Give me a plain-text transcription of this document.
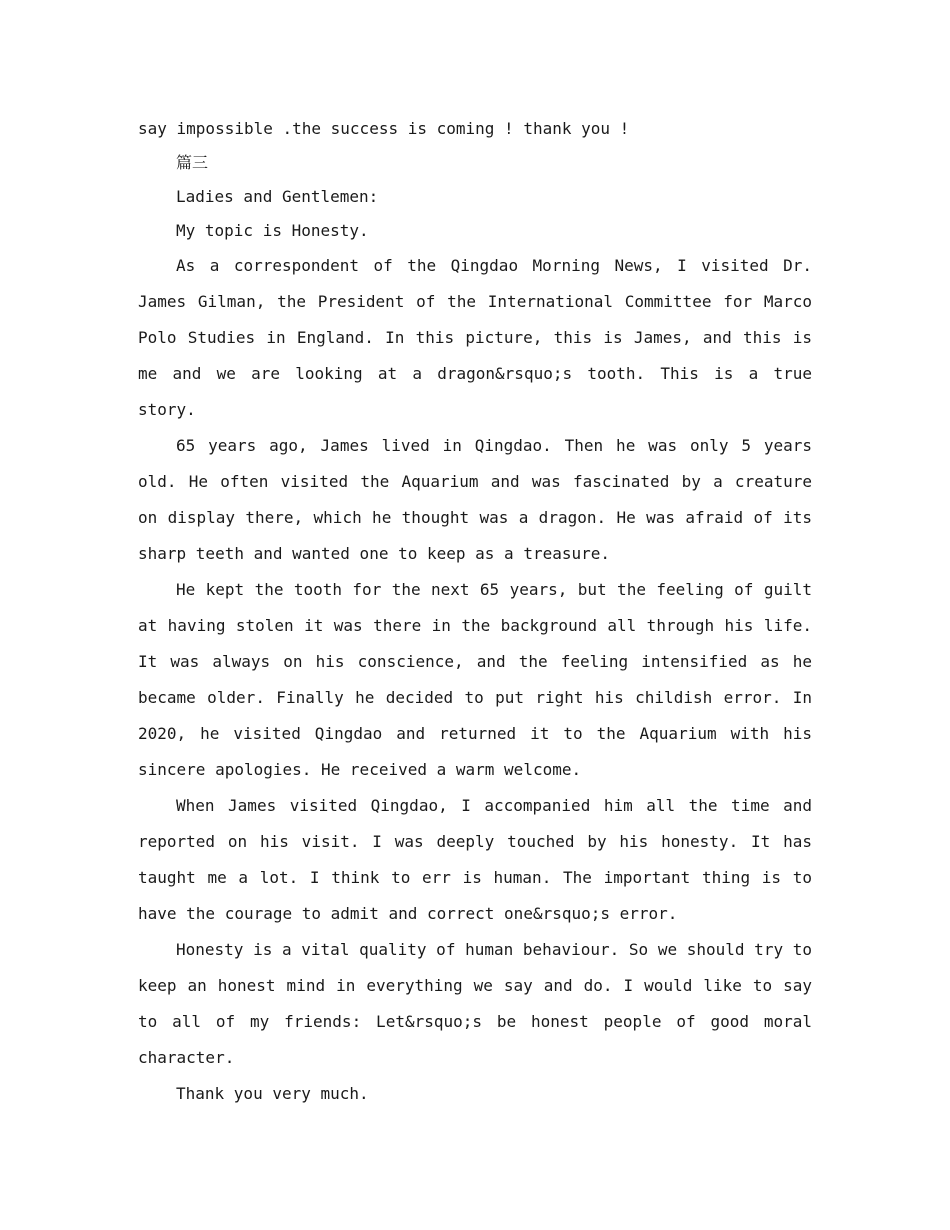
say impossible .the success is coming ! thank you !
篇三
Ladies and Gentlemen:
My topic is Honesty.
As a correspondent of the Qingdao Morning News, I visited Dr. James Gilman, the President of the International Committee for Marco Polo Studies in England. In this picture, this is James, and this is me and we are looking at a dragon&rsquo;s tooth. This is a true story.
65 years ago, James lived in Qingdao. Then he was only 5 years old. He often visited the Aquarium and was fascinated by a creature on display there, which he thought was a dragon. He was afraid of its sharp teeth and wanted one to keep as a treasure.
He kept the tooth for the next 65 years, but the feeling of guilt at having stolen it was there in the background all through his life. It was always on his conscience, and the feeling intensified as he became older. Finally he decided to put right his childish error. In 2020, he visited Qingdao and returned it to the Aquarium with his sincere apologies. He received a warm welcome.
When James visited Qingdao, I accompanied him all the time and reported on his visit. I was deeply touched by his honesty. It has taught me a lot. I think to err is human. The important thing is to have the courage to admit and correct one&rsquo;s error.
Honesty is a vital quality of human behaviour. So we should try to keep an honest mind in everything we say and do. I would like to say to all of my friends: Let&rsquo;s be honest people of good moral character.
Thank you very much.
